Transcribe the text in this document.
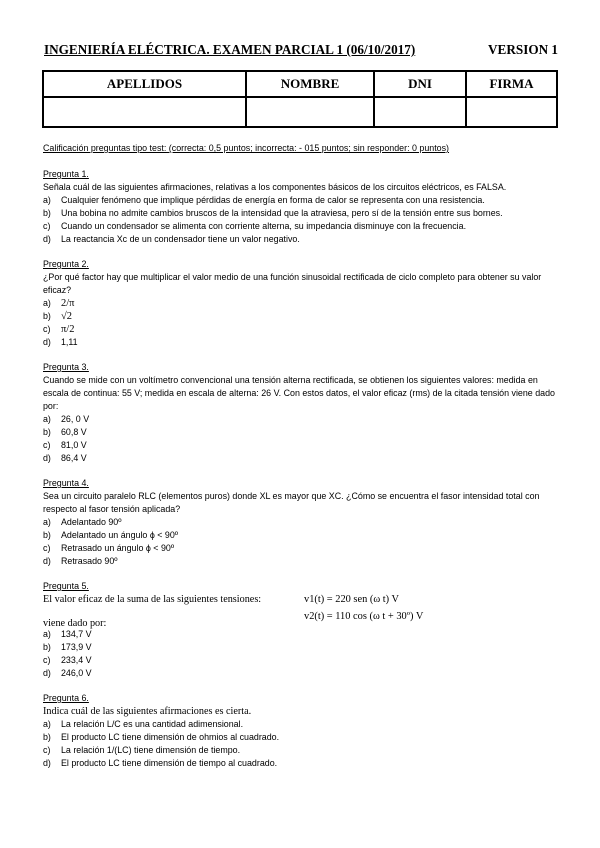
INGENIERÍA ELÉCTRICA. EXAMEN PARCIAL 1 (06/10/2017)	VERSION 1
APELLIDOS	NOMBRE	DNI	FIRMA

Calificación preguntas tipo test: (correcta: 0,5 puntos; incorrecta: - 015 puntos; sin responder: 0 puntos)
Pregunta 1.
Señala cuál de las siguientes afirmaciones, relativas a los componentes básicos de los circuitos eléctricos, es FALSA.
a)	Cualquier fenómeno que implique pérdidas de energía en forma de calor se representa con una resistencia.
b)	Una bobina no admite cambios bruscos de la intensidad que la atraviesa, pero sí de la tensión entre sus bornes.
c)	Cuando un condensador se alimenta con corriente alterna, su impedancia disminuye con la frecuencia.
d)	La reactancia Xc de un condensador tiene un valor negativo.
Pregunta 2.
¿Por qué factor hay que multiplicar el valor medio de una función sinusoidal rectificada de ciclo completo para obtener su valor eficaz?
a) 2/π
b) √2
c)	π/2
d)	1,11
Pregunta 3.
Cuando se mide con un voltímetro convencional una tensión alterna rectificada, se obtienen los siguientes valores: medida en escala de continua: 55 V; medida en escala de alterna: 26 V. Con estos datos, el valor eficaz (rms) de la citada tensión viene dado por:
a)	26, 0 V
b)	60,8 V
c)	81,0 V
d)	86,4 V
Pregunta 4.
Sea un circuito paralelo RLC (elementos puros) donde XL es mayor que XC. ¿Cómo se encuentra el fasor intensidad total con respecto al fasor tensión aplicada?
a)	Adelantado 90º
b)	Adelantado un ángulo ϕ < 90º
c)	Retrasado un ángulo ϕ < 90º
d)	Retrasado 90º
Pregunta 5.
El valor eficaz de la suma de las siguientes tensiones:	v1(t) = 220 sen (ω t) V
viene dado por:
v2(t) = 110 cos (ω t + 30º) V
a)	134,7 V
b)	173,9 V
c)	233,4 V
d)	246,0 V
Pregunta 6.
Indica cuál de las siguientes afirmaciones es cierta.
a)	La relación L/C es una cantidad adimensional.
b)	El producto LC tiene dimensión de ohmios al cuadrado.
c)	La relación 1/(LC) tiene dimensión de tiempo.
d)	El producto LC tiene dimensión de tiempo al cuadrado.
